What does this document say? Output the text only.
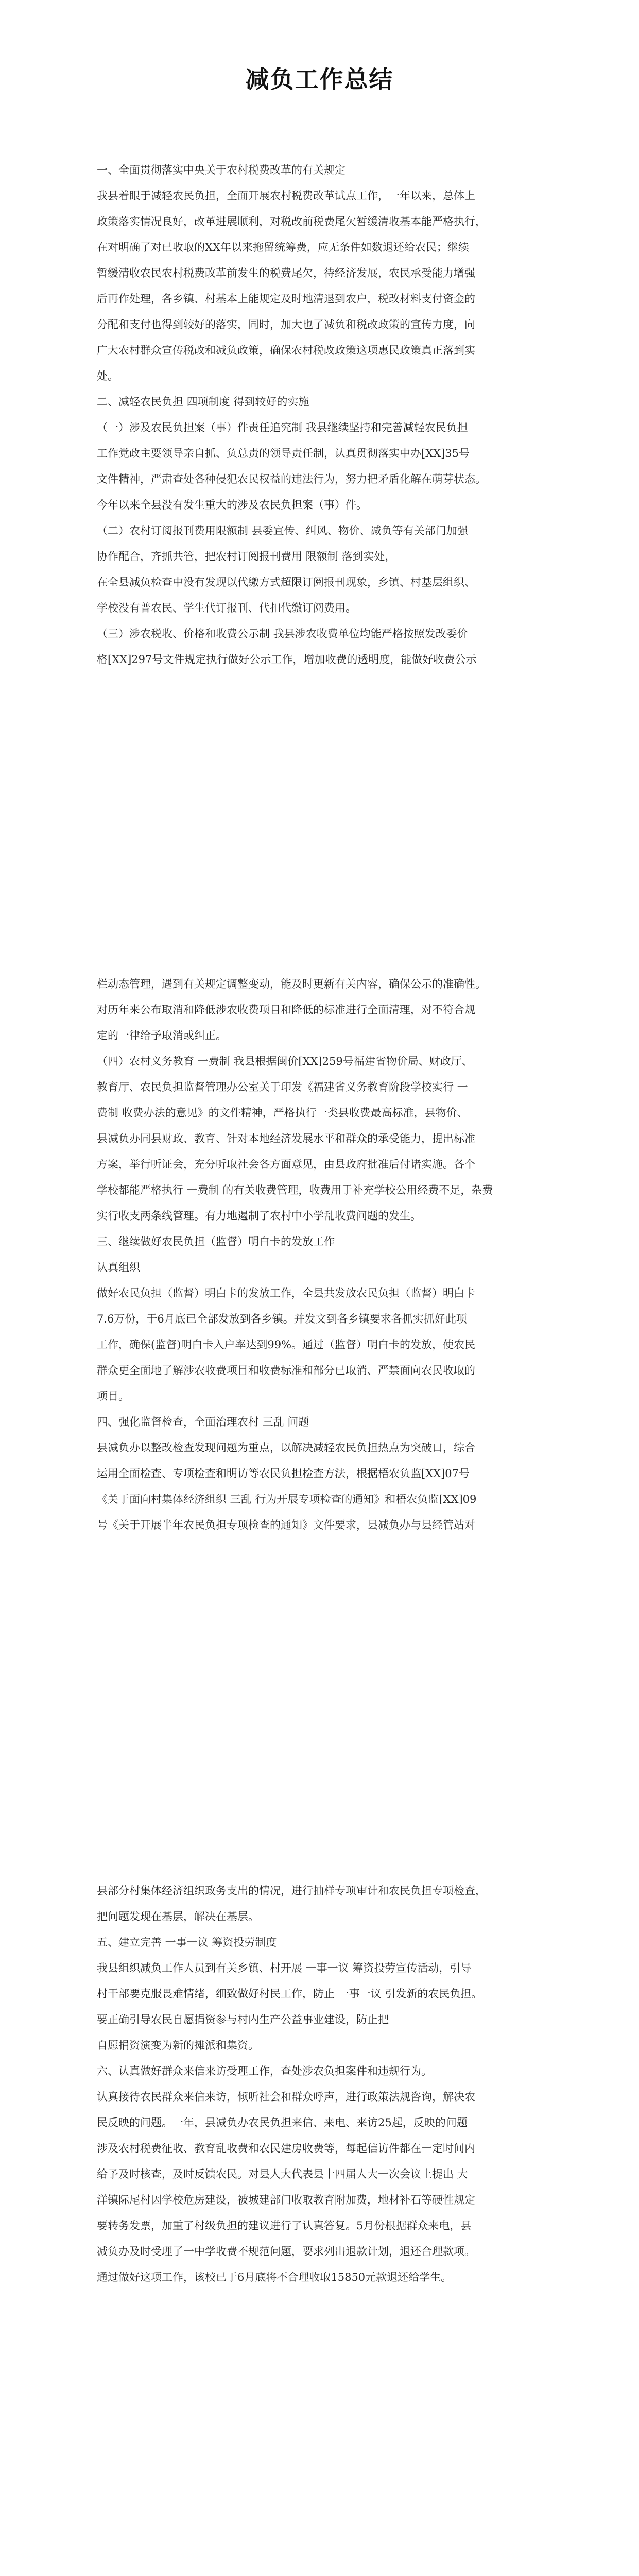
减负工作总结

一、全面贯彻落实中央关于农村税费改革的有关规定
我县着眼于减轻农民负担，全面开展农村税费改革试点工作，一年以来，总体上
政策落实情况良好，改革进展顺利，对税改前税费尾欠暂缓清收基本能严格执行，
在对明确了对已收取的XX年以来拖留统筹费，应无条件如数退还给农民；继续
暂缓清收农民农村税费改革前发生的税费尾欠，待经济发展，农民承受能力增强
后再作处理，各乡镇、村基本上能规定及时地清退到农户，税改材料支付资金的
分配和支付也得到较好的落实，同时，加大也了减负和税改政策的宣传力度，向
广大农村群众宣传税改和减负政策，确保农村税改政策这项惠民政策真正落到实
处。
二、减轻农民负担 四项制度 得到较好的实施
（一）涉及农民负担案（事）件责任追究制 我县继续坚持和完善减轻农民负担
工作党政主要领导亲自抓、负总责的领导责任制，认真贯彻落实中办[XX]35号
文件精神，严肃查处各种侵犯农民权益的违法行为，努力把矛盾化解在萌芽状态。
今年以来全县没有发生重大的涉及农民负担案（事）件。
（二）农村订阅报刊费用限额制 县委宣传、纠风、物价、减负等有关部门加强
协作配合，齐抓共管，把农村订阅报刊费用 限额制 落到实处，
在全县减负检查中没有发现以代缴方式超限订阅报刊现象，乡镇、村基层组织、
学校没有普农民、学生代订报刊、代扣代缴订阅费用。
（三）涉农税收、价格和收费公示制 我县涉农收费单位均能严格按照发改委价
格[XX]297号文件规定执行做好公示工作，增加收费的透明度，能做好收费公示

栏动态管理，遇到有关规定调整变动，能及时更新有关内容，确保公示的准确性。
对历年来公布取消和降低涉农收费项目和降低的标准进行全面清理，对不符合规
定的一律给予取消或纠正。
（四）农村义务教育 一费制 我县根据闽价[XX]259号福建省物价局、财政厅、
教育厅、农民负担监督管理办公室关于印发《福建省义务教育阶段学校实行 一
费制 收费办法的意见》的文件精神，严格执行一类县收费最高标准，县物价、
县减负办同县财政、教育、针对本地经济发展水平和群众的承受能力，提出标准
方案，举行听证会，充分听取社会各方面意见，由县政府批准后付诸实施。各个
学校都能严格执行 一费制 的有关收费管理，收费用于补充学校公用经费不足，杂费
实行收支两条线管理。有力地遏制了农村中小学乱收费问题的发生。
三、继续做好农民负担（监督）明白卡的发放工作
认真组织
做好农民负担（监督）明白卡的发放工作，全县共发放农民负担（监督）明白卡
7.6万份，于6月底已全部发放到各乡镇。并发文到各乡镇要求各抓实抓好此项
工作，确保(监督)明白卡入户率达到99%。通过（监督）明白卡的发放，使农民
群众更全面地了解涉农收费项目和收费标准和部分已取消、严禁面向农民收取的
项目。
四、强化监督检查，全面治理农村 三乱 问题
县减负办以整改检查发现问题为重点，以解决减轻农民负担热点为突破口，综合
运用全面检查、专项检查和明访等农民负担检查方法，根据梧农负监[XX]07号
《关于面向村集体经济组织 三乱 行为开展专项检查的通知》和梧农负监[XX]09
号《关于开展半年农民负担专项检查的通知》文件要求，县减负办与县经管站对

县部分村集体经济组织政务支出的情况，进行抽样专项审计和农民负担专项检查，
把问题发现在基层，解决在基层。
五、建立完善 一事一议 筹资投劳制度
我县组织减负工作人员到有关乡镇、村开展 一事一议 筹资投劳宣传活动，引导
村干部要克服畏难情绪，细致做好村民工作，防止 一事一议 引发新的农民负担。
要正确引导农民自愿捐资参与村内生产公益事业建设，防止把
自愿捐资演变为新的摊派和集资。
六、认真做好群众来信来访受理工作，查处涉农负担案件和违规行为。
认真接待农民群众来信来访，倾听社会和群众呼声，进行政策法规咨询，解决农
民反映的问题。一年，县减负办农民负担来信、来电、来访25起，反映的问题
涉及农村税费征收、教育乱收费和农民建房收费等，每起信访件都在一定时间内
给予及时核查，及时反馈农民。对县人大代表县十四届人大一次会议上提出 大
洋镇际尾村因学校危房建设，被城建部门收取教育附加费，地材补石等硬性规定
要转务发票，加重了村级负担的建议进行了认真答复。5月份根据群众来电，县
减负办及时受理了一中学收费不规范问题，要求列出退款计划，退还合理款项。
通过做好这项工作，该校已于6月底将不合理收取15850元款退还给学生。
